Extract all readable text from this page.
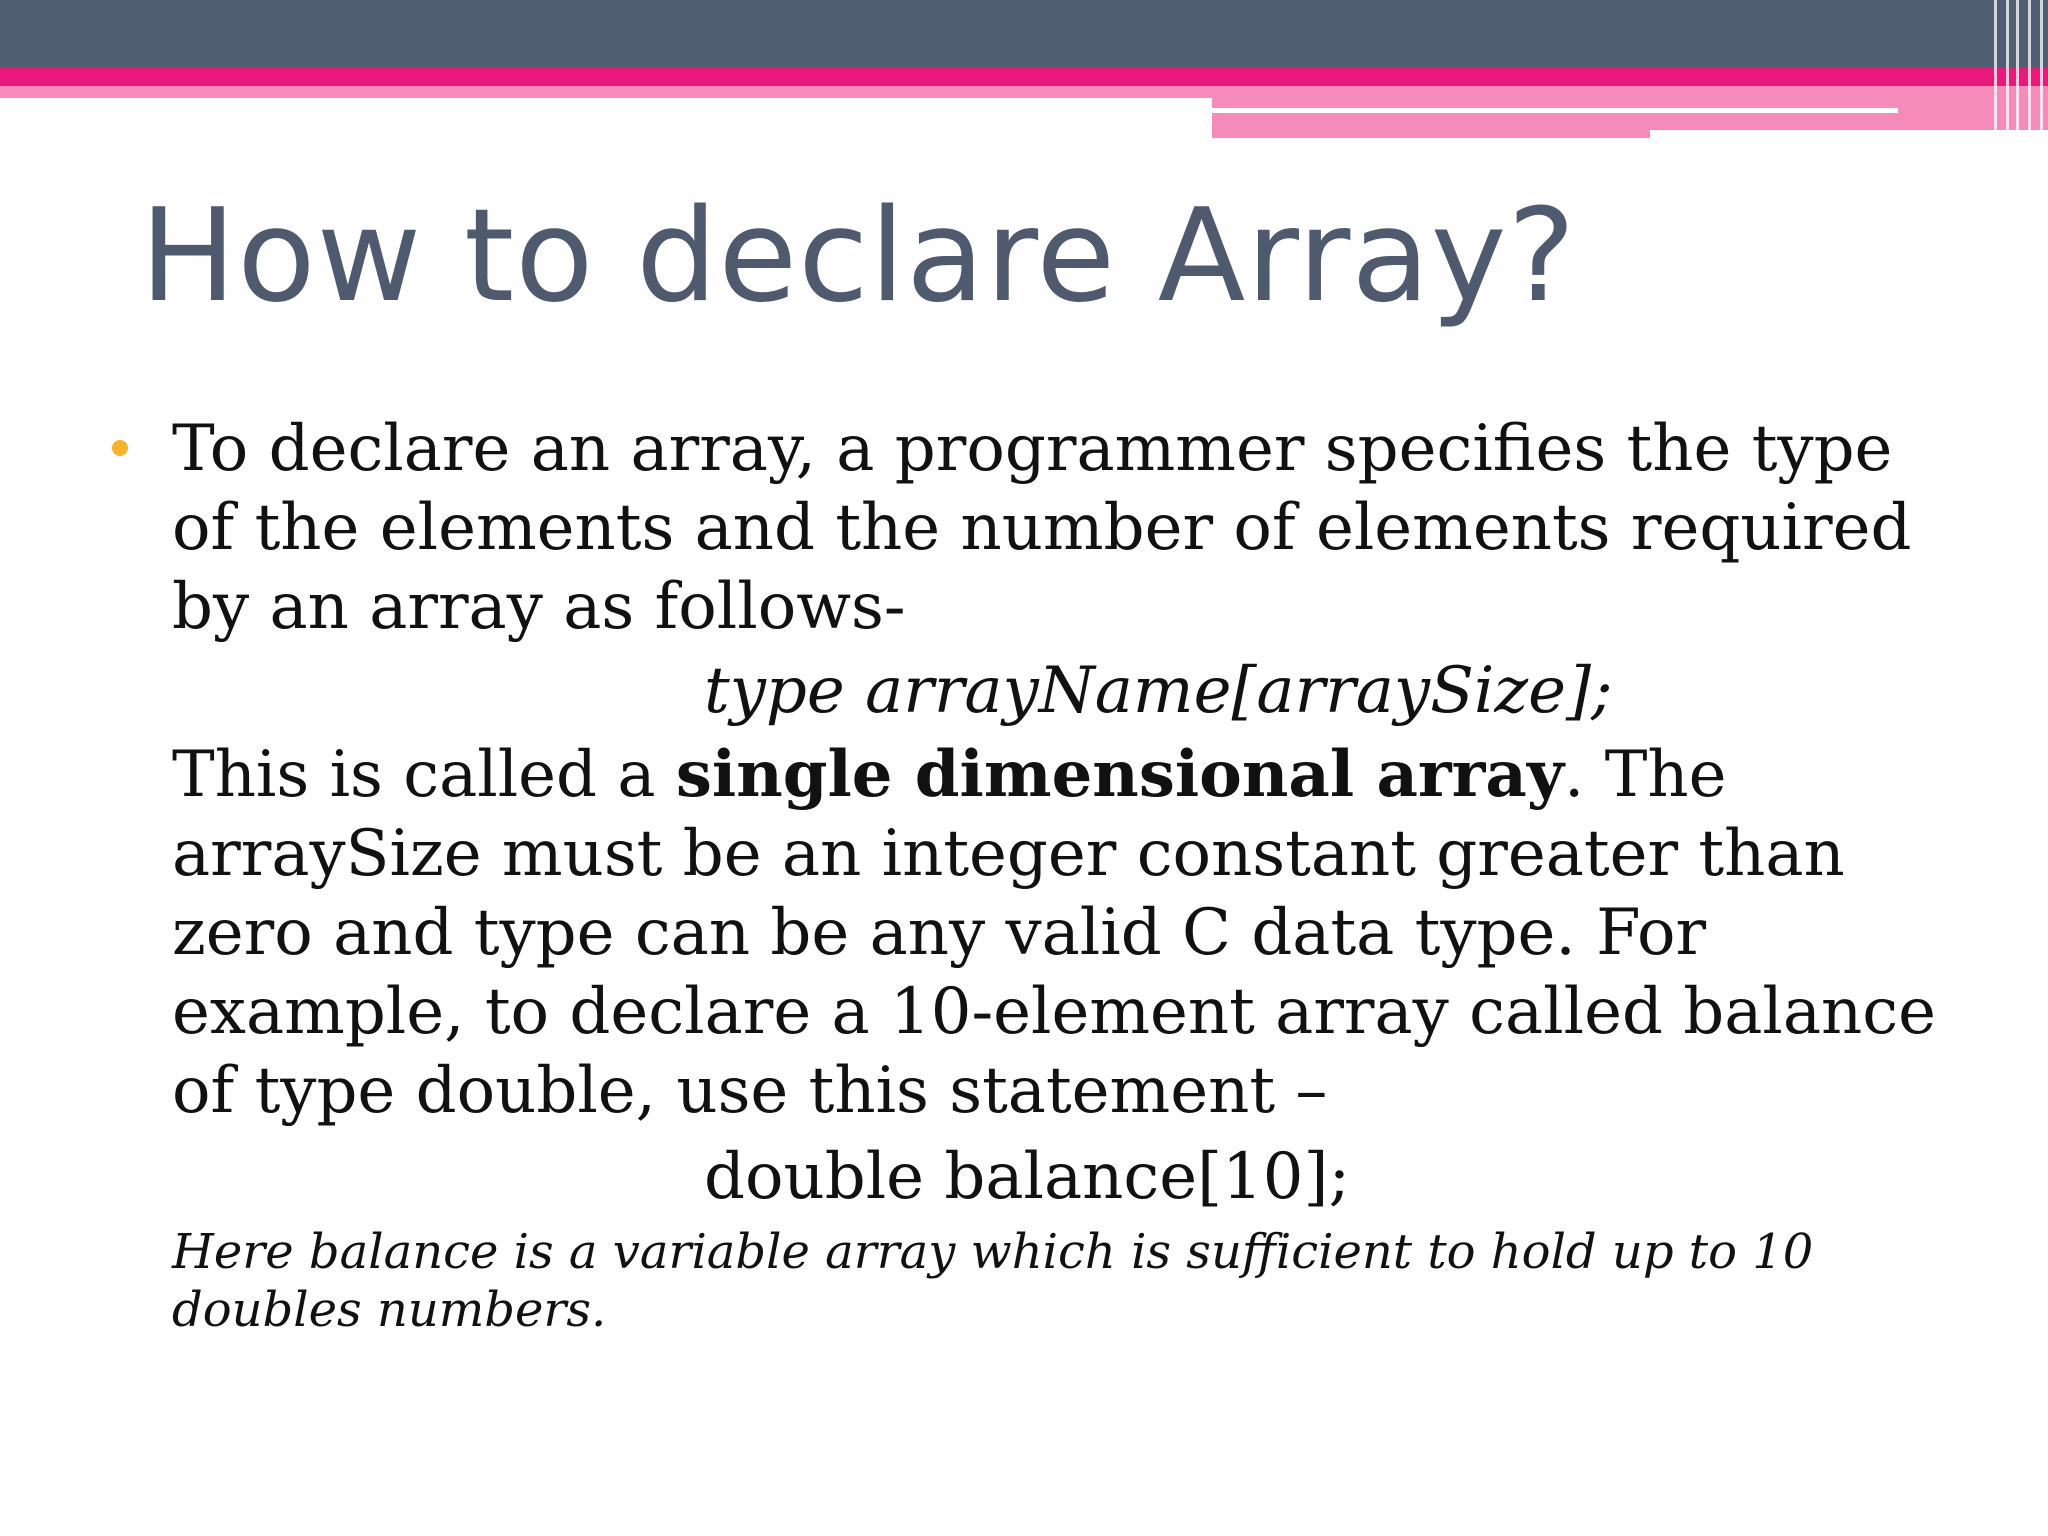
How to declare Array?

To declare an array, a programmer specifies the type

of the elements and the number of elements required

by an array as follows-

type arrayName[arraySize];

This is called a single dimensional array. The

arraySize must be an integer constant greater than

zero and type can be any valid C data type. For

example, to declare a 10-element array called balance

of type double, use this statement –

double balance[10];

Here balance is a variable array which is sufficient to hold up to 10

doubles numbers.
